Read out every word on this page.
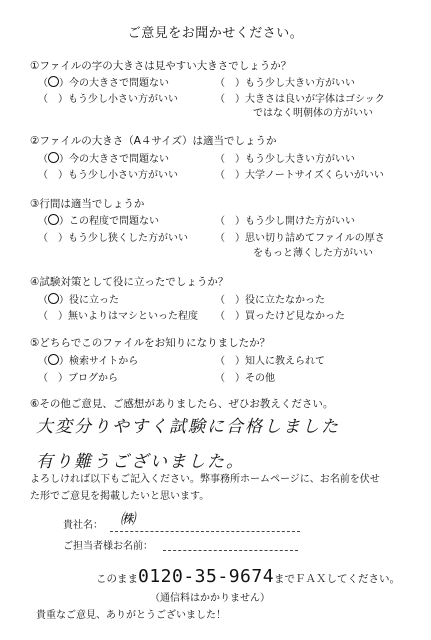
ご意見をお聞かせください。
①ファイルの字の大きさは見やすい大きさでしょうか？
（ ）今の大きさで問題ない	（　）もう少し大きい方がいい
（　）もう少し小さい方がいい	（　）大きさは良いが字体はゴシック
ではなく明朝体の方がいい
②ファイルの大きさ（A４サイズ）は適当でしょうか
（ ）今の大きさで問題ない	（　）もう少し大きい方がいい
（　）もう少し小さい方がいい	（　）大学ノートサイズくらいがいい
③行間は適当でしょうか
（ ）この程度で問題ない	（　）もう少し開けた方がいい
（　）もう少し狭くした方がいい	（　）思い切り詰めてファイルの厚さ
をもっと薄くした方がいい
④試験対策として役に立ったでしょうか？
（ ）役に立った	（　）役に立たなかった
（　）無いよりはマシといった程度 （　）買ったけど見なかった
⑤どちらでこのファイルをお知りになりましたか？
（ ）検索サイトから	（　）知人に教えられて
（　）ブログから	（　）その他
⑥その他ご意見、ご感想がありましたら、ぜひお教えください。
大変分りやすく試験に合格しました
有り難うございました。
よろしければ以下もご記入ください。弊事務所ホームページに、お名前を伏せ
た形でご意見を掲載したいと思います。
貴社名： ㈱
ご担当者様お名前：
このまま0120-35-9674までＦＡＸしてください。
（通信料はかかりません）
貴重なご意見、ありがとうございました！
